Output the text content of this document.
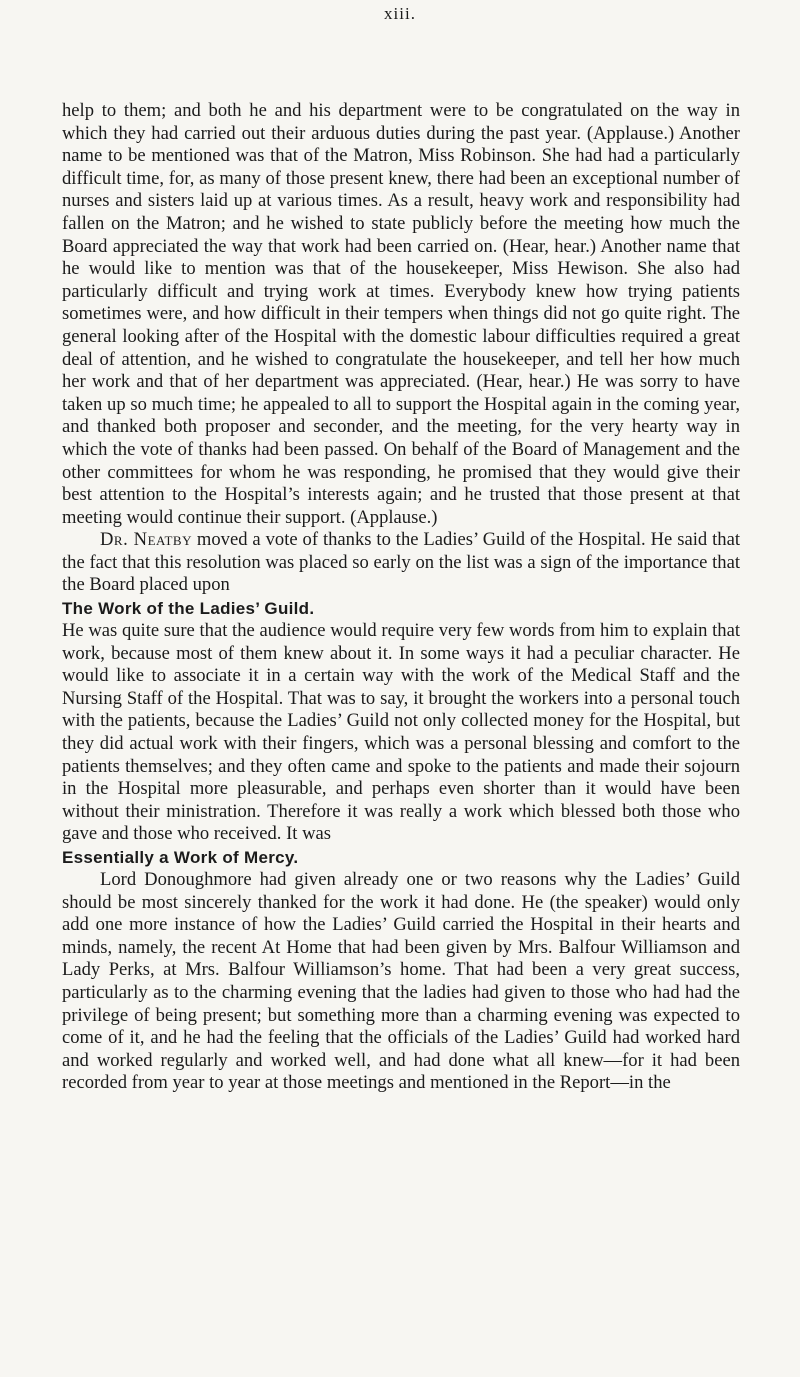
xiii.

help to them; and both he and his department were to be congratulated on the way in which they had carried out their arduous duties during the past year. (Applause.) Another name to be mentioned was that of the Matron, Miss Robinson. She had had a particularly difficult time, for, as many of those present knew, there had been an exceptional number of nurses and sisters laid up at various times. As a result, heavy work and responsibility had fallen on the Matron; and he wished to state publicly before the meeting how much the Board appreciated the way that work had been carried on. (Hear, hear.) Another name that he would like to mention was that of the housekeeper, Miss Hewison. She also had particularly difficult and trying work at times. Everybody knew how trying patients sometimes were, and how difficult in their tempers when things did not go quite right. The general looking after of the Hospital with the domestic labour difficulties required a great deal of attention, and he wished to congratulate the housekeeper, and tell her how much her work and that of her department was appreciated. (Hear, hear.) He was sorry to have taken up so much time; he appealed to all to support the Hospital again in the coming year, and thanked both proposer and seconder, and the meeting, for the very hearty way in which the vote of thanks had been passed. On behalf of the Board of Management and the other committees for whom he was responding, he promised that they would give their best attention to the Hospital’s interests again; and he trusted that those present at that meeting would continue their support. (Applause.)

Dr. Neatby moved a vote of thanks to the Ladies’ Guild of the Hospital. He said that the fact that this resolution was placed so early on the list was a sign of the importance that the Board placed upon

The Work of the Ladies’ Guild.

He was quite sure that the audience would require very few words from him to explain that work, because most of them knew about it. In some ways it had a peculiar character. He would like to associate it in a certain way with the work of the Medical Staff and the Nursing Staff of the Hospital. That was to say, it brought the workers into a personal touch with the patients, because the Ladies’ Guild not only collected money for the Hospital, but they did actual work with their fingers, which was a personal blessing and comfort to the patients themselves; and they often came and spoke to the patients and made their sojourn in the Hospital more pleasurable, and perhaps even shorter than it would have been without their ministration. Therefore it was really a work which blessed both those who gave and those who received. It was

Essentially a Work of Mercy.

Lord Donoughmore had given already one or two reasons why the Ladies’ Guild should be most sincerely thanked for the work it had done. He (the speaker) would only add one more instance of how the Ladies’ Guild carried the Hospital in their hearts and minds, namely, the recent At Home that had been given by Mrs. Balfour Williamson and Lady Perks, at Mrs. Balfour Williamson’s home. That had been a very great success, particularly as to the charming evening that the ladies had given to those who had had the privilege of being present; but something more than a charming evening was expected to come of it, and he had the feeling that the officials of the Ladies’ Guild had worked hard and worked regularly and worked well, and had done what all knew—for it had been recorded from year to year at those meetings and mentioned in the Report—in the
